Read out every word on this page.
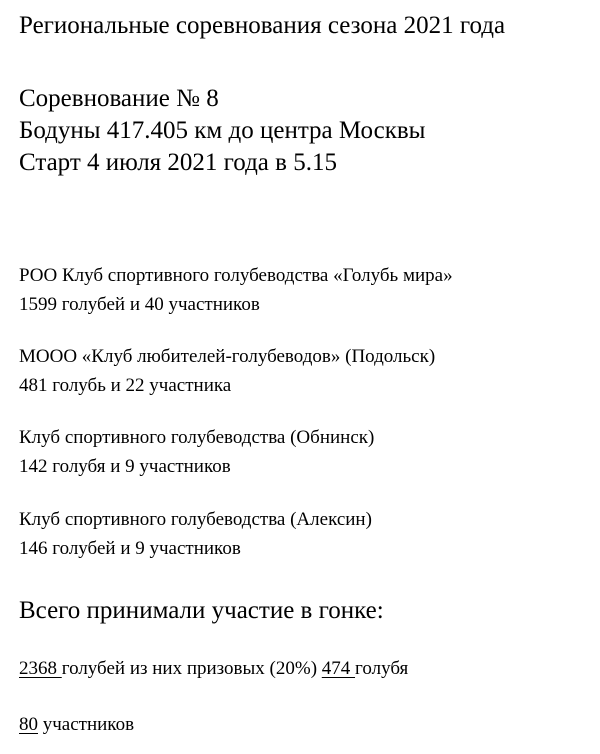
Региональные соревнования сезона 2021 года
Соревнование № 8
Бодуны 417.405 км до центра Москвы
Старт 4 июля 2021 года в 5.15
РОО Клуб спортивного голубеводства «Голубь мира»
1599 голубей и 40 участников
МООО «Клуб любителей-голубеводов» (Подольск)
481 голубь и 22 участника
Клуб спортивного голубеводства (Обнинск)
142 голубя и 9 участников
Клуб спортивного голубеводства (Алексин)
146 голубей и 9 участников
Всего принимали участие в гонке:
2368 голубей из них призовых (20%) 474 голубя
80 участников
